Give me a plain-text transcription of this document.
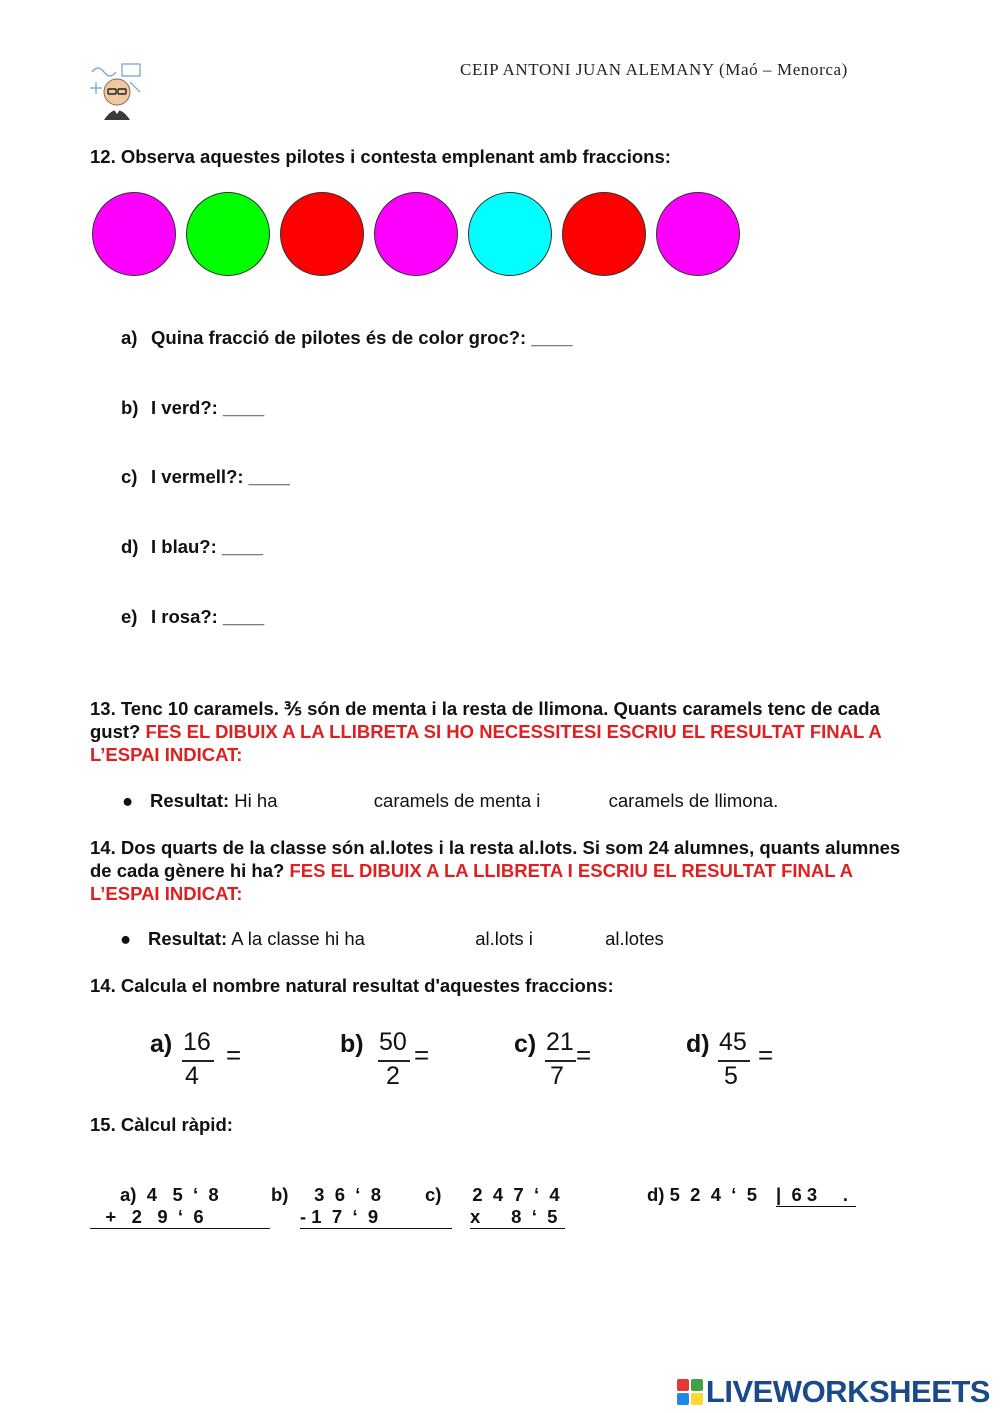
CEIP ANTONI JUAN ALEMANY (Maó – Menorca)
12. Observa aquestes pilotes i contesta emplenant amb fraccions:
a) Quina fracció de pilotes és de color groc?: ____
b) I verd?: ____
c) I vermell?: ____
d) I blau?: ____
e) I rosa?: ____
13. Tenc 10 caramels. ⅗ són de menta i la resta de llimona. Quants caramels tenc de cada gust? FES EL DIBUIX A LA LLIBRETA SI HO NECESSITESI ESCRIU EL RESULTAT FINAL A L’ESPAI INDICAT:
● Resultat: Hi ha	caramels de menta i	caramels de llimona.
14. Dos quarts de la classe són al.lotes i la resta al.lots. Si som 24 alumnes, quants alumnes de cada gènere hi ha? FES EL DIBUIX A LA LLIBRETA I ESCRIU EL RESULTAT FINAL A L’ESPAI INDICAT:
● Resultat: A la classe hi ha	al.lots i	al.lotes
14. Calcula el nombre natural resultat d'aquestes fraccions:
a) 16
4
=	b) 50
2
=	c) 21
7
=	d) 45
5
=
15. Càlcul ràpid:
a)  4   5  ‘  8
+   2   9  ‘  6
b)     3  6  ‘  8
- 1  7  ‘  9
c)      2  4  7  ‘  4
x      8  ‘  5
d) 5  2  4  ‘  5 |  6 3     .
LIVEWORKSHEETS
